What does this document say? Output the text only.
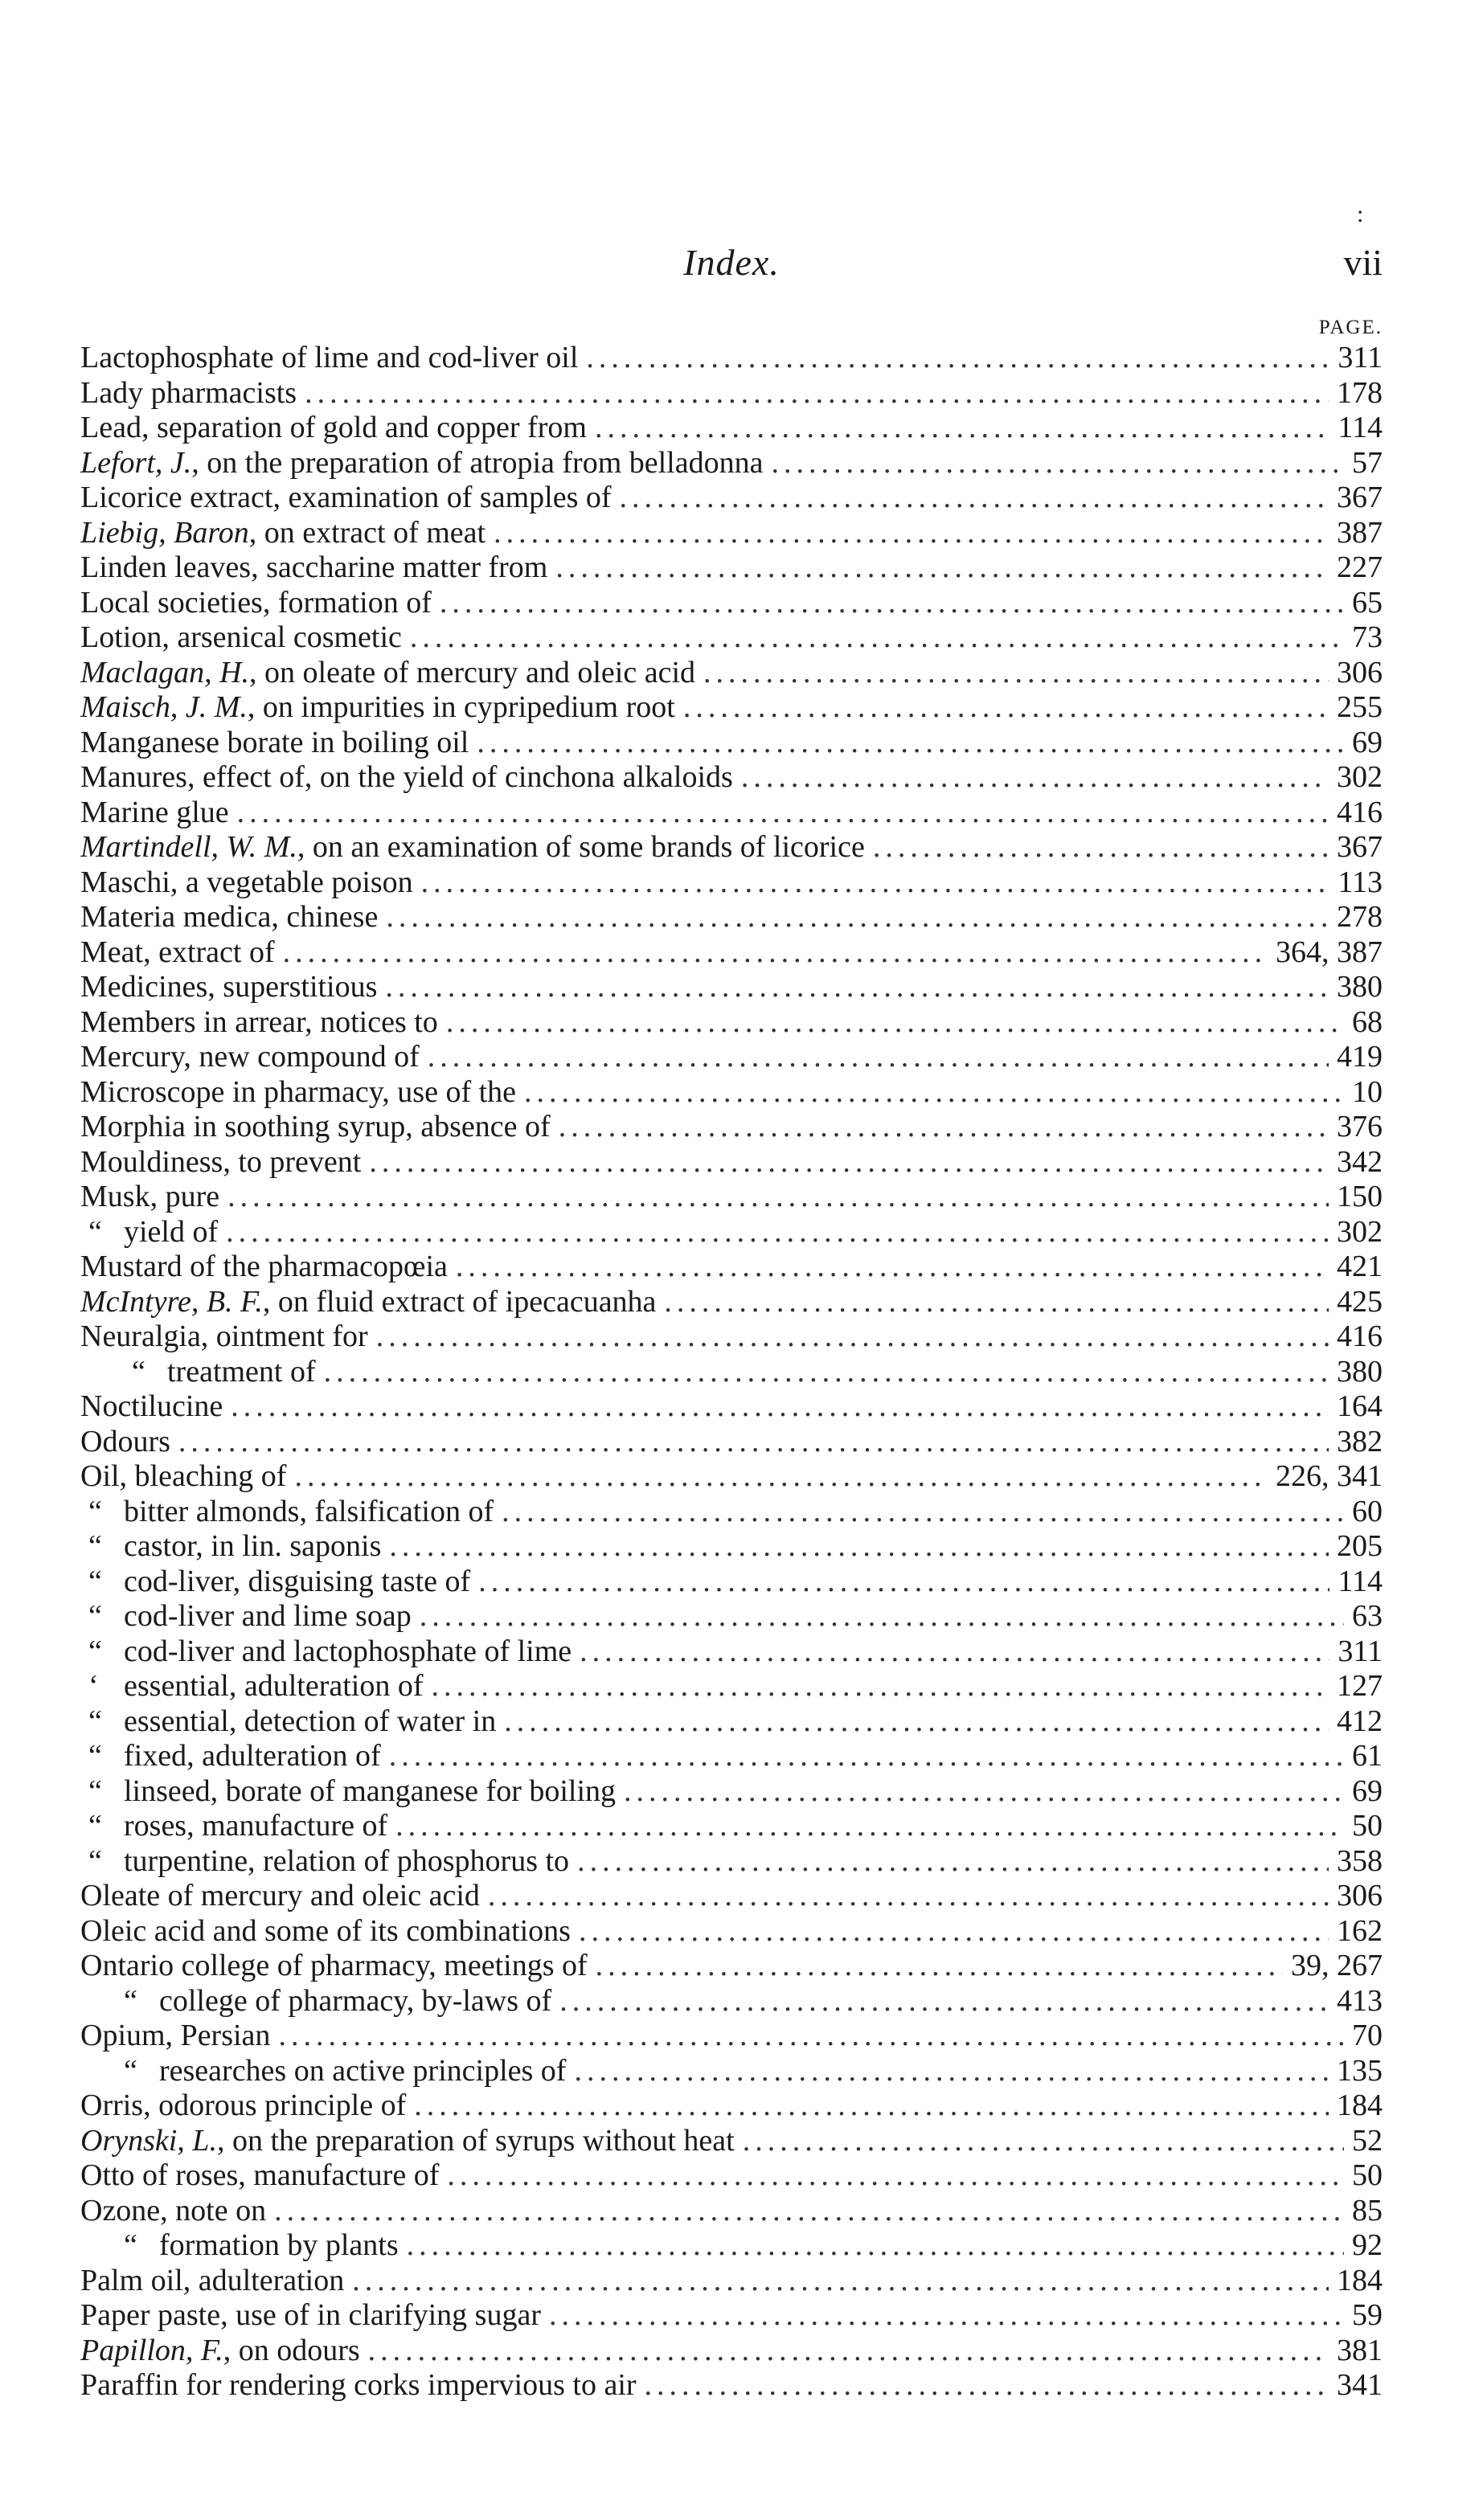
:
Index.	vii
PAGE.
Lactophosphate of lime and cod-liver oil .....	311
Lady pharmacists .....	178
Lead, separation of gold and copper from .....	114
Lefort, J., on the preparation of atropia from belladonna .....	57
Licorice extract, examination of samples of .....	367
Liebig, Baron, on extract of meat .....	387
Linden leaves, saccharine matter from .....	227
Local societies, formation of .....	65
Lotion, arsenical cosmetic .....	73
Maclagan, H., on oleate of mercury and oleic acid .....	306
Maisch, J. M., on impurities in cypripedium root .....	255
Manganese borate in boiling oil .....	69
Manures, effect of, on the yield of cinchona alkaloids .....	302
Marine glue .....	416
Martindell, W. M., on an examination of some brands of licorice .....	367
Maschi, a vegetable poison .....	113
Materia medica, chinese .....	278
Meat, extract of .....	364, 387
Medicines, superstitious .....	380
Members in arrear, notices to .....	68
Mercury, new compound of .....	419
Microscope in pharmacy, use of the .....	10
Morphia in soothing syrup, absence of .....	376
Mouldiness, to prevent .....	342
Musk, pure .....	150
“ yield of .....	302
Mustard of the pharmacopœia .....	421
McIntyre, B. F., on fluid extract of ipecacuanha .....	425
Neuralgia, ointment for .....	416
“ treatment of .....	380
Noctilucine .....	164
Odours .....	382
Oil, bleaching of .....	226, 341
“ bitter almonds, falsification of .....	60
“ castor, in lin. saponis .....	205
“ cod-liver, disguising taste of .....	114
“ cod-liver and lime soap .....	63
“ cod-liver and lactophosphate of lime .....	311
‘ essential, adulteration of .....	127
“ essential, detection of water in .....	412
“ fixed, adulteration of .....	61
“ linseed, borate of manganese for boiling .....	69
“ roses, manufacture of .....	50
“ turpentine, relation of phosphorus to .....	358
Oleate of mercury and oleic acid .....	306
Oleic acid and some of its combinations .....	162
Ontario college of pharmacy, meetings of .....	39, 267
“ college of pharmacy, by-laws of .....	413
Opium, Persian .....	70
“ researches on active principles of .....	135
Orris, odorous principle of .....	184
Orynski, L., on the preparation of syrups without heat .....	52
Otto of roses, manufacture of .....	50
Ozone, note on .....	85
“ formation by plants .....	92
Palm oil, adulteration .....	184
Paper paste, use of in clarifying sugar .....	59
Papillon, F., on odours .....	381
Paraffin for rendering corks impervious to air .....	341
